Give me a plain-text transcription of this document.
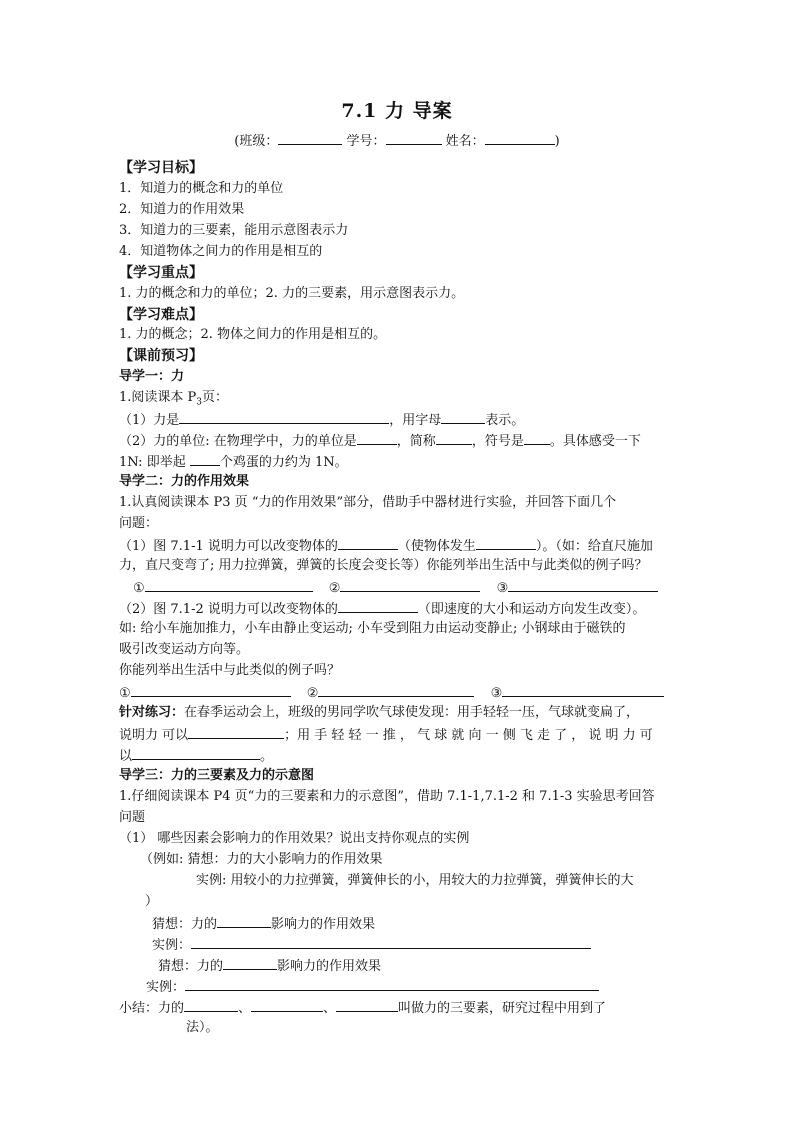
7.1 力 导案
(班级：	学号：	姓名：	)
【学习目标】
1．知道力的概念和力的单位
2．知道力的作用效果
3．知道力的三要素，能用示意图表示力
4．知道物体之间力的作用是相互的
【学习重点】
1. 力的概念和力的单位；2. 力的三要素，用示意图表示力。
【学习难点】
1. 力的概念；2. 物体之间力的作用是相互的。
【课前预习】
导学一：力
1.阅读课本 $P_3$页：
（1）力是	，用字母	表示。
（2）力的单位: 在物理学中，力的单位是	，简称	，符号是 。具体感受一下
1N: 即举起 个鸡蛋的力约为 1N。
导学二：力的作用效果
1.认真阅读课本 P3 页 “力的作用效果”部分，借助手中器材进行实验，并回答下面几个
问题：
（1）图 7.1-1 说明力可以改变物体的	（使物体发生	）。（如：给直尺施加
力，直尺变弯了; 用力拉弹簧，弹簧的长度会变长等）你能列举出生活中与此类似的例子吗？
①	②	③
（2）图 7.1-2 说明力可以改变物体的	（即速度的大小和运动方向发生改变）。
如: 给小车施加推力，小车由静止变运动; 小车受到阻力由运动变静止; 小钢球由于磁铁的
吸引改变运动方向等。
你能列举出生活中与此类似的例子吗？
①	②	③
针对练习：在春季运动会上，班级的男同学吹气球使发现：用手轻轻一压，气球就变扁了，
说明力 可以	；用 手 轻 轻 一 推 ， 气 球 就 向 一 侧 飞 走 了 ， 说 明 力 可
以	。
导学三：力的三要素及力的示意图
1.仔细阅读课本 P4 页“力的三要素和力的示意图”，借助 7.1-1,7.1-2 和 7.1-3 实验思考回答
问题
（1） 哪些因素会影响力的作用效果？说出支持你观点的实例
（例如: 猜想：力的大小影响力的作用效果
实例: 用较小的力拉弹簧，弹簧伸长的小，用较大的力拉弹簧，弹簧伸长的大
）
猜想：力的	影响力的作用效果
实例：
猜想：力的	影响力的作用效果
实例：
小结：力的	、	、	叫做力的三要素，研究过程中用到了
法）。
